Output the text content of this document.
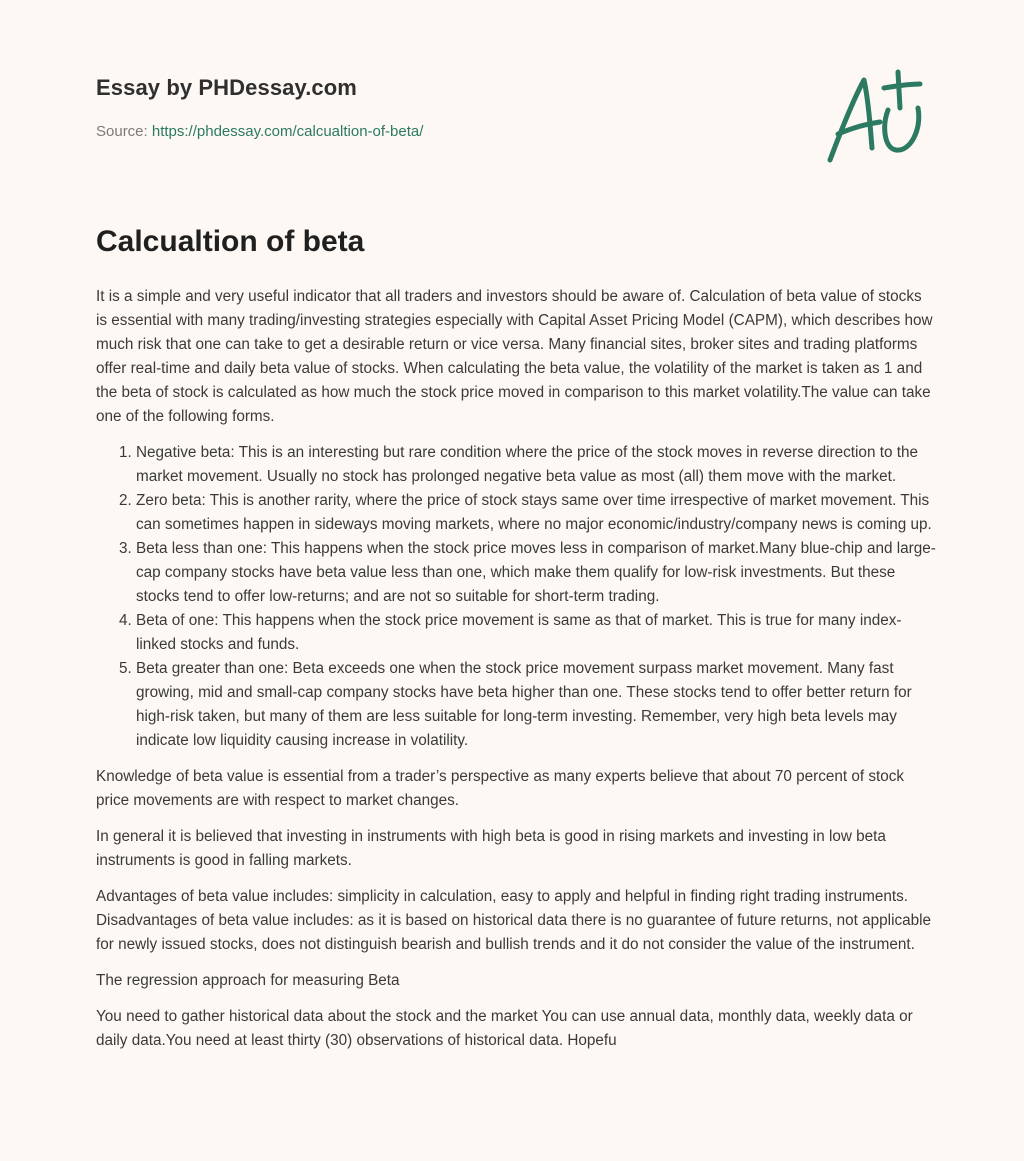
Essay by PHDessay.com
Source: https://phdessay.com/calcualtion-of-beta/
Calcualtion of beta

It is a simple and very useful indicator that all traders and investors should be aware of. Calculation of beta value of stocks is essential with many trading/investing strategies especially with Capital Asset Pricing Model (CAPM), which describes how much risk that one can take to get a desirable return or vice versa. Many financial sites, broker sites and trading platforms offer real-time and daily beta value of stocks. When calculating the beta value, the volatility of the market is taken as 1 and the beta of stock is calculated as how much the stock price moved in comparison to this market volatility.The value can take one of the following forms.

1. Negative beta: This is an interesting but rare condition where the price of the stock moves in reverse direction to the market movement. Usually no stock has prolonged negative beta value as most (all) them move with the market.
2. Zero beta: This is another rarity, where the price of stock stays same over time irrespective of market movement. This can sometimes happen in sideways moving markets, where no major economic/industry/company news is coming up.
3. Beta less than one: This happens when the stock price moves less in comparison of market.Many blue-chip and large-cap company stocks have beta value less than one, which make them qualify for low-risk investments. But these stocks tend to offer low-returns; and are not so suitable for short-term trading.
4. Beta of one: This happens when the stock price movement is same as that of market. This is true for many index-linked stocks and funds.
5. Beta greater than one: Beta exceeds one when the stock price movement surpass market movement. Many fast growing, mid and small-cap company stocks have beta higher than one. These stocks tend to offer better return for high-risk taken, but many of them are less suitable for long-term investing. Remember, very high beta levels may indicate low liquidity causing increase in volatility.

Knowledge of beta value is essential from a trader’s perspective as many experts believe that about 70 percent of stock price movements are with respect to market changes.

In general it is believed that investing in instruments with high beta is good in rising markets and investing in low beta instruments is good in falling markets.

Advantages of beta value includes: simplicity in calculation, easy to apply and helpful in finding right trading instruments. Disadvantages of beta value includes: as it is based on historical data there is no guarantee of future returns, not applicable for newly issued stocks, does not distinguish bearish and bullish trends and it do not consider the value of the instrument.

The regression approach for measuring Beta

You need to gather historical data about the stock and the market You can use annual data, monthly data, weekly data or daily data.You need at least thirty (30) observations of historical data. Hopefu
